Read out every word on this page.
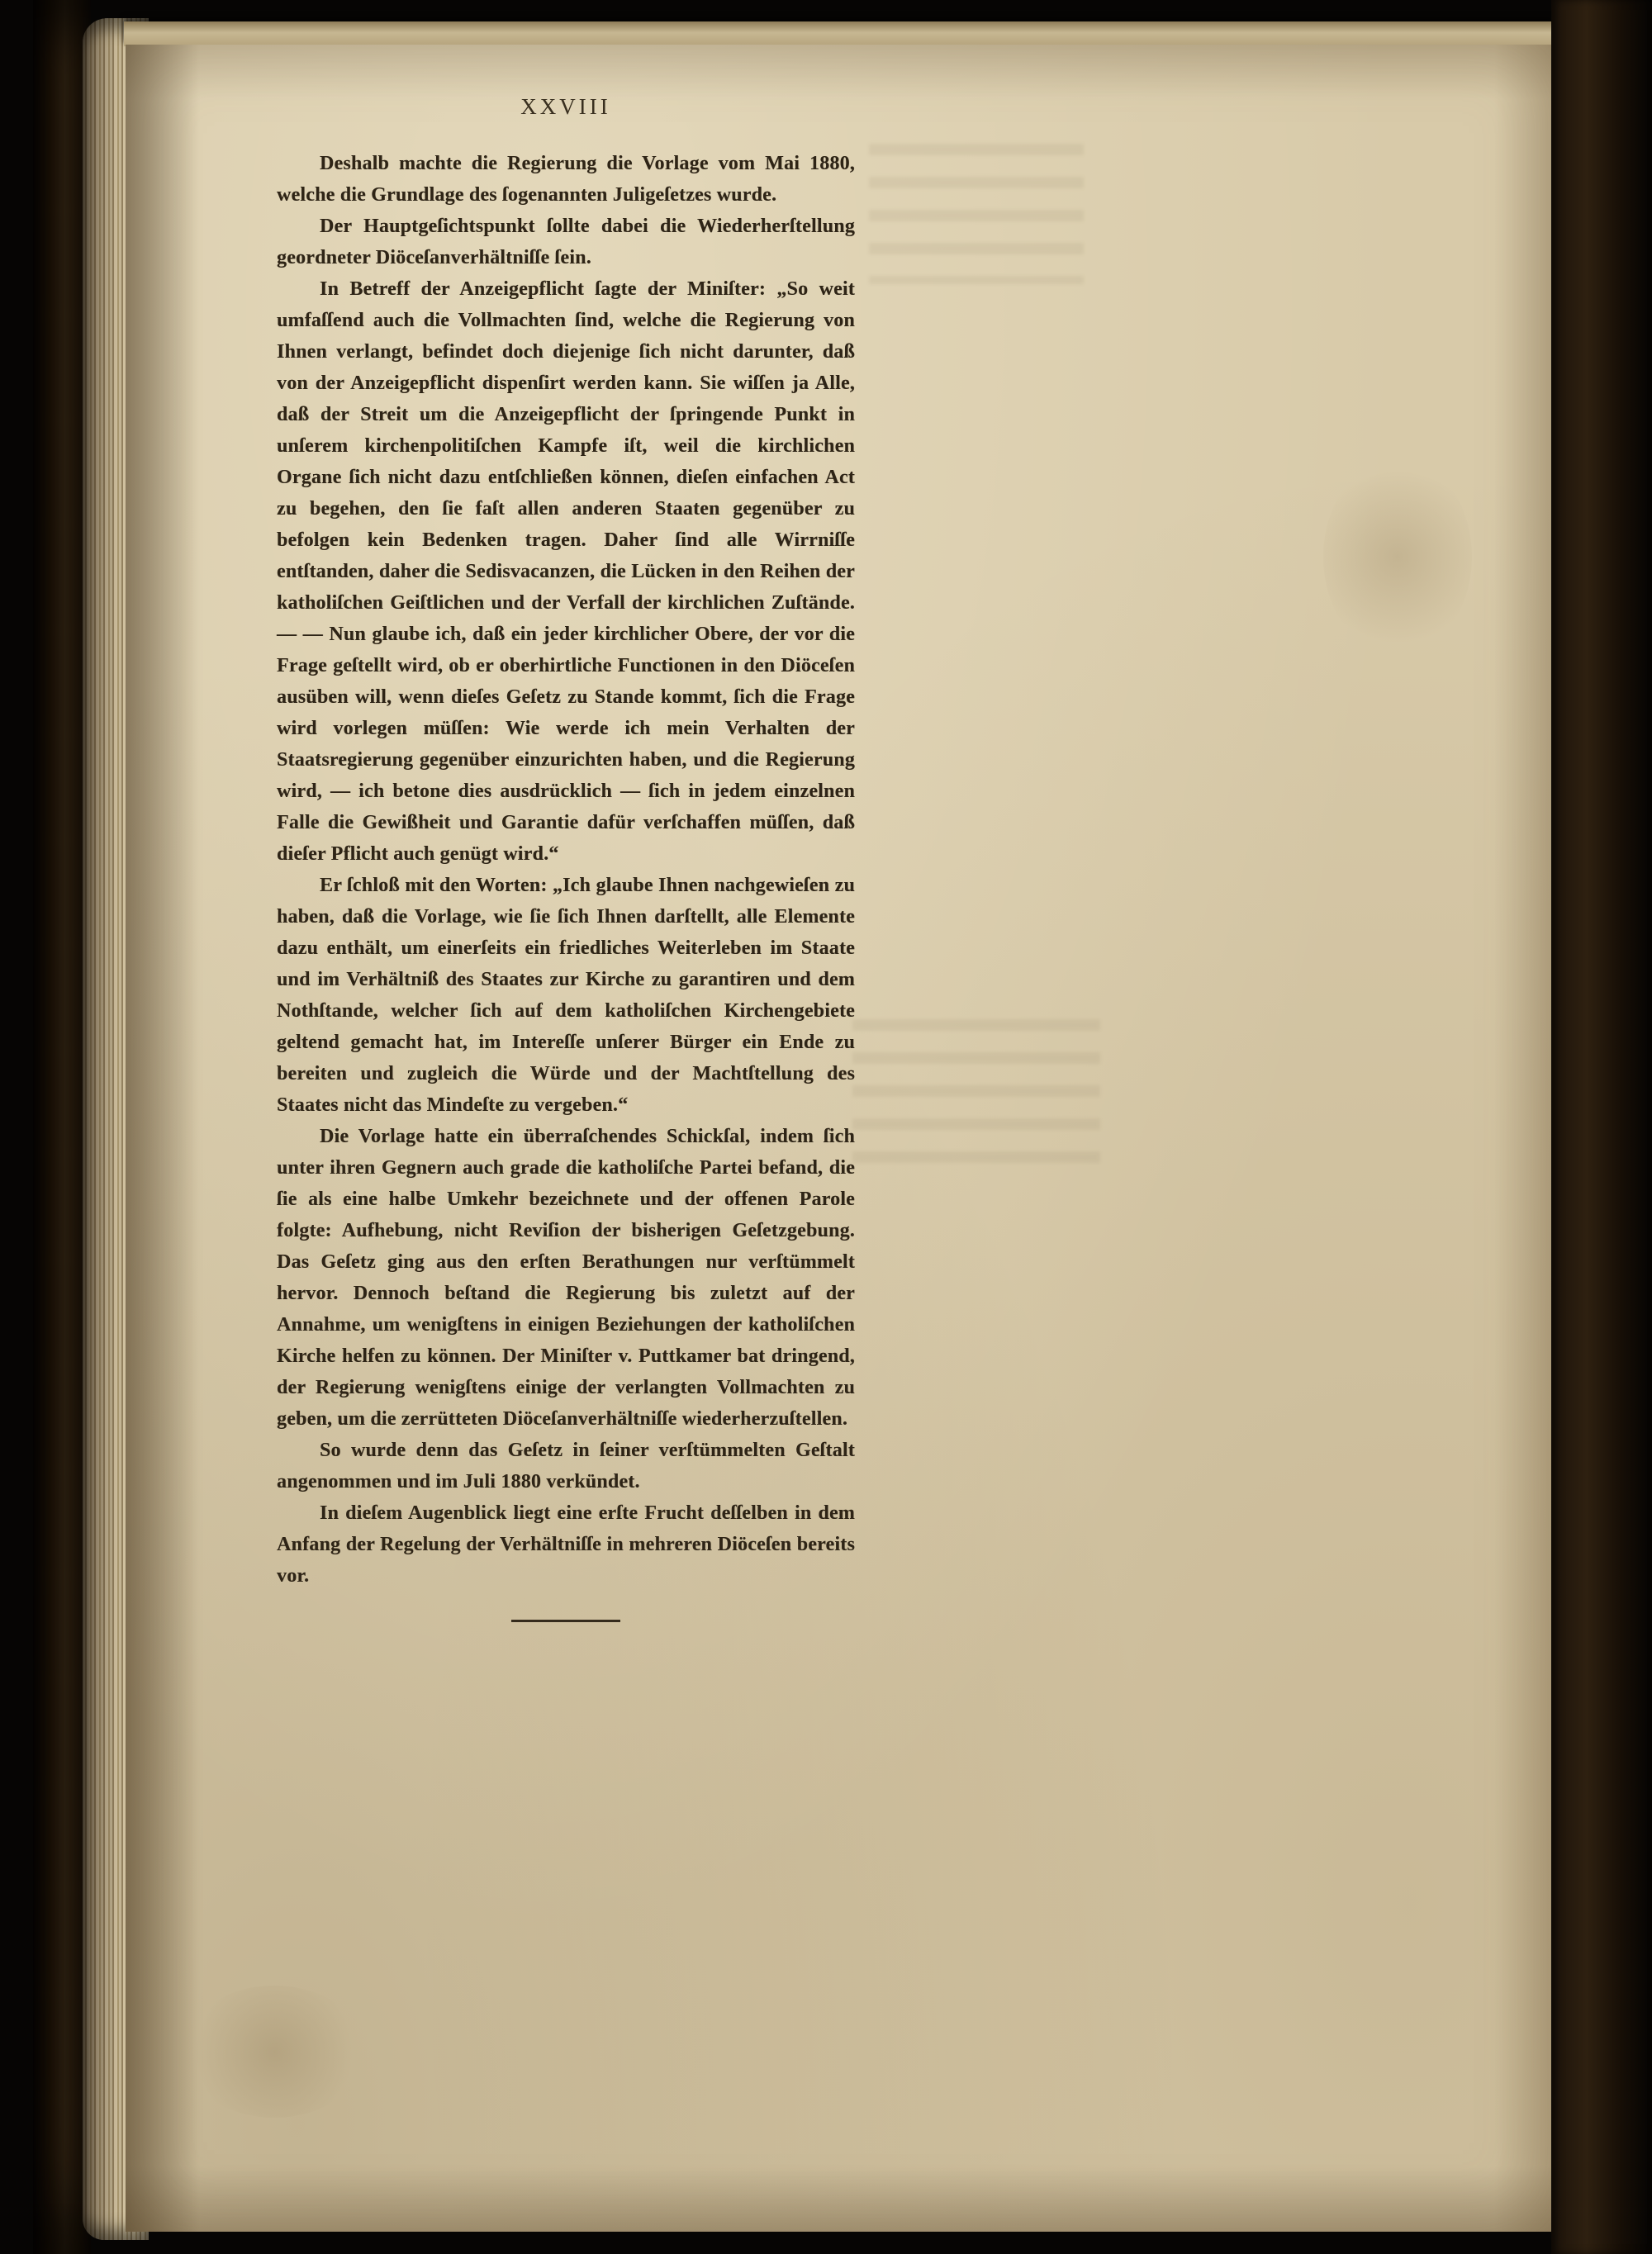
XXVIII

Deshalb machte die Regierung die Vorlage vom Mai 1880, welche die Grundlage des ſogenannten Juligeſetzes wurde.

Der Hauptgeſichtspunkt ſollte dabei die Wiederherſtellung geordneter Diöceſanverhältniſſe ſein.

In Betreff der Anzeigepflicht ſagte der Miniſter: „So weit umfaſſend auch die Vollmachten ſind, welche die Regierung von Ihnen verlangt, befindet doch diejenige ſich nicht darunter, daß von der Anzeigepflicht dispenſirt werden kann. Sie wiſſen ja Alle, daß der Streit um die Anzeigepflicht der ſpringende Punkt in unſerem kirchenpolitiſchen Kampfe iſt, weil die kirchlichen Organe ſich nicht dazu entſchließen können, dieſen einfachen Act zu begehen, den ſie faſt allen anderen Staaten gegenüber zu befolgen kein Bedenken tragen. Daher ſind alle Wirrniſſe entſtanden, daher die Sedisvacanzen, die Lücken in den Reihen der katholiſchen Geiſtlichen und der Verfall der kirchlichen Zuſtände. — — Nun glaube ich, daß ein jeder kirchlicher Obere, der vor die Frage geſtellt wird, ob er oberhirtliche Functionen in den Diöceſen ausüben will, wenn dieſes Geſetz zu Stande kommt, ſich die Frage wird vorlegen müſſen: Wie werde ich mein Verhalten der Staatsregierung gegenüber einzurichten haben, und die Regierung wird, — ich betone dies ausdrücklich — ſich in jedem einzelnen Falle die Gewißheit und Garantie dafür verſchaffen müſſen, daß dieſer Pflicht auch genügt wird.“

Er ſchloß mit den Worten: „Ich glaube Ihnen nachgewieſen zu haben, daß die Vorlage, wie ſie ſich Ihnen darſtellt, alle Elemente dazu enthält, um einerſeits ein friedliches Weiterleben im Staate und im Verhältniß des Staates zur Kirche zu garantiren und dem Nothſtande, welcher ſich auf dem katholiſchen Kirchengebiete geltend gemacht hat, im Intereſſe unſerer Bürger ein Ende zu bereiten und zugleich die Würde und der Machtſtellung des Staates nicht das Mindeſte zu vergeben.“

Die Vorlage hatte ein überraſchendes Schickſal, indem ſich unter ihren Gegnern auch grade die katholiſche Partei befand, die ſie als eine halbe Umkehr bezeichnete und der offenen Parole folgte: Aufhebung, nicht Reviſion der bisherigen Geſetzgebung. Das Geſetz ging aus den erſten Berathungen nur verſtümmelt hervor. Dennoch beſtand die Regierung bis zuletzt auf der Annahme, um wenigſtens in einigen Beziehungen der katholiſchen Kirche helfen zu können. Der Miniſter v. Puttkamer bat dringend, der Regierung wenigſtens einige der verlangten Vollmachten zu geben, um die zerrütteten Diöceſanverhältniſſe wiederherzuſtellen.

So wurde denn das Geſetz in ſeiner verſtümmelten Geſtalt angenommen und im Juli 1880 verkündet.

In dieſem Augenblick liegt eine erſte Frucht deſſelben in dem Anfang der Regelung der Verhältniſſe in mehreren Diöceſen bereits vor.
